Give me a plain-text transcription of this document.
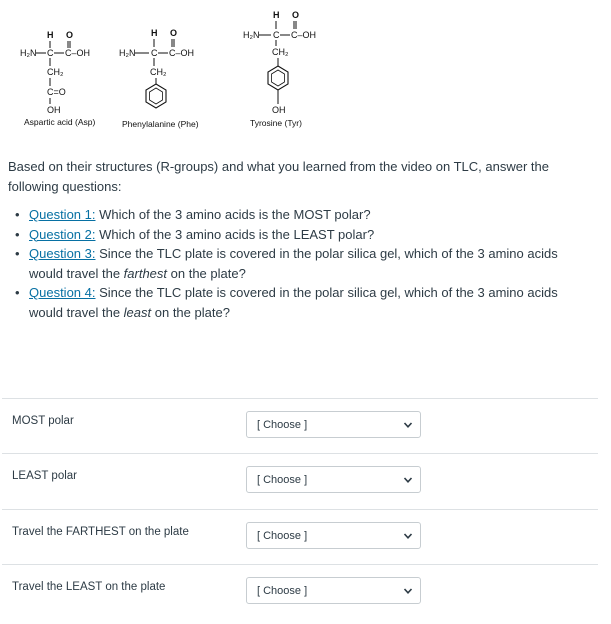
H O
H₂N C C–OH
CH₂
C=O
OH
Aspartic acid (Asp)
H O
H₂N C C–OH
CH₂
Phenylalanine (Phe)
H O
H₂N C C–OH
CH₂
OH
Tyrosine (Tyr)
Based on their structures (R-groups) and what you learned from the video on TLC, answer the following questions:
• Question 1: Which of the 3 amino acids is the MOST polar?
• Question 2: Which of the 3 amino acids is the LEAST polar?
• Question 3: Since the TLC plate is covered in the polar silica gel, which of the 3 amino acids would travel the farthest on the plate?
• Question 4: Since the TLC plate is covered in the polar silica gel, which of the 3 amino acids would travel the least on the plate?
MOST polar	[ Choose ]
LEAST polar	[ Choose ]
Travel the FARTHEST on the plate	[ Choose ]
Travel the LEAST on the plate	[ Choose ]
